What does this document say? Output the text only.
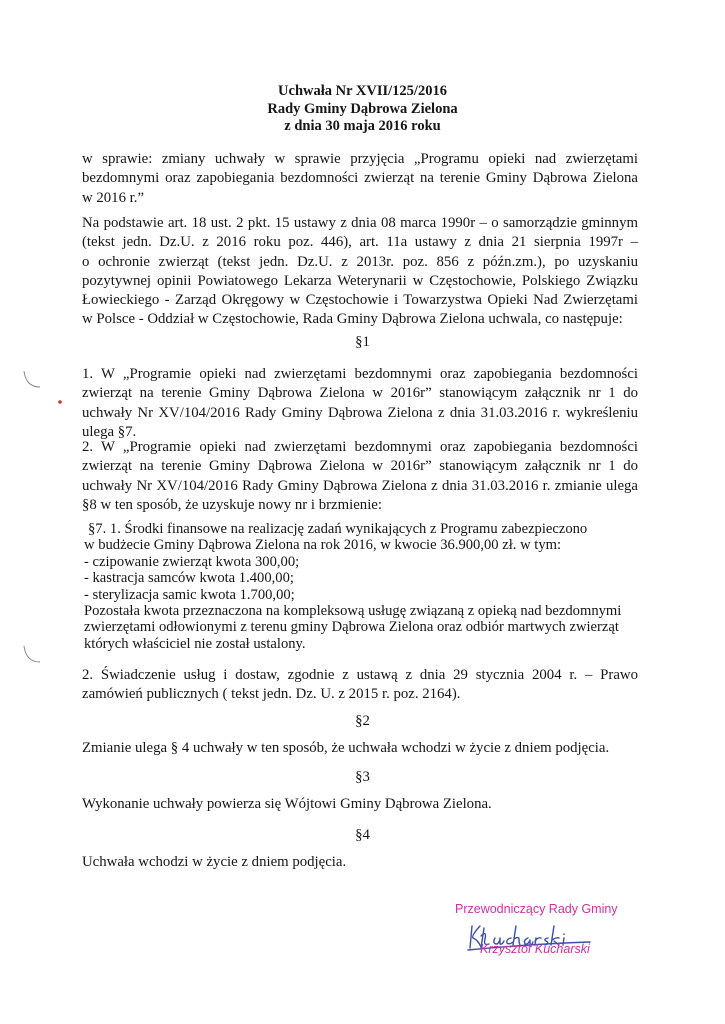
Uchwała Nr XVII/125/2016
Rady Gminy Dąbrowa Zielona
z dnia 30 maja 2016 roku
w sprawie: zmiany uchwały w sprawie przyjęcia „Programu opieki nad zwierzętami
bezdomnymi oraz zapobiegania bezdomności zwierząt na terenie Gminy Dąbrowa Zielona
w 2016 r.”
Na podstawie art. 18 ust. 2 pkt. 15 ustawy z dnia 08 marca 1990r – o samorządzie gminnym
(tekst jedn. Dz.U. z 2016 roku poz. 446), art. 11a ustawy z dnia 21 sierpnia 1997r –
o ochronie zwierząt (tekst jedn. Dz.U. z 2013r. poz. 856 z późn.zm.), po uzyskaniu
pozytywnej opinii Powiatowego Lekarza Weterynarii w Częstochowie, Polskiego Związku
Łowieckiego - Zarząd Okręgowy w Częstochowie i Towarzystwa Opieki Nad Zwierzętami
w Polsce - Oddział w Częstochowie, Rada Gminy Dąbrowa Zielona uchwala, co następuje:
§1
1. W „Programie opieki nad zwierzętami bezdomnymi oraz zapobiegania bezdomności
zwierząt na terenie Gminy Dąbrowa Zielona w 2016r” stanowiącym załącznik nr 1 do
uchwały Nr XV/104/2016 Rady Gminy Dąbrowa Zielona z dnia 31.03.2016 r. wykreśleniu
ulega §7.
2. W „Programie opieki nad zwierzętami bezdomnymi oraz zapobiegania bezdomności
zwierząt na terenie Gminy Dąbrowa Zielona w 2016r” stanowiącym załącznik nr 1 do
uchwały Nr XV/104/2016 Rady Gminy Dąbrowa Zielona z dnia 31.03.2016 r. zmianie ulega
§8 w ten sposób, że uzyskuje nowy nr i brzmienie:
§7. 1. Środki finansowe na realizację zadań wynikających z Programu zabezpieczono
w budżecie Gminy Dąbrowa Zielona na rok 2016, w kwocie 36.900,00 zł. w tym:
- czipowanie zwierząt kwota 300,00;
- kastracja samców kwota 1.400,00;
- sterylizacja samic kwota 1.700,00;
Pozostała kwota przeznaczona na kompleksową usługę związaną z opieką nad bezdomnymi
zwierzętami odłowionymi z terenu gminy Dąbrowa Zielona oraz odbiór martwych zwierząt
których właściciel nie został ustalony.
2. Świadczenie usług i dostaw, zgodnie z ustawą z dnia 29 stycznia 2004 r. – Prawo
zamówień publicznych ( tekst jedn. Dz. U. z 2015 r. poz. 2164).
§2
Zmianie ulega § 4 uchwały w ten sposób, że uchwała wchodzi w życie z dniem podjęcia.
§3
Wykonanie uchwały powierza się Wójtowi Gminy Dąbrowa Zielona.
§4
Uchwała wchodzi w życie z dniem podjęcia.
Przewodniczący Rady Gminy
Krzysztof Kucharski
